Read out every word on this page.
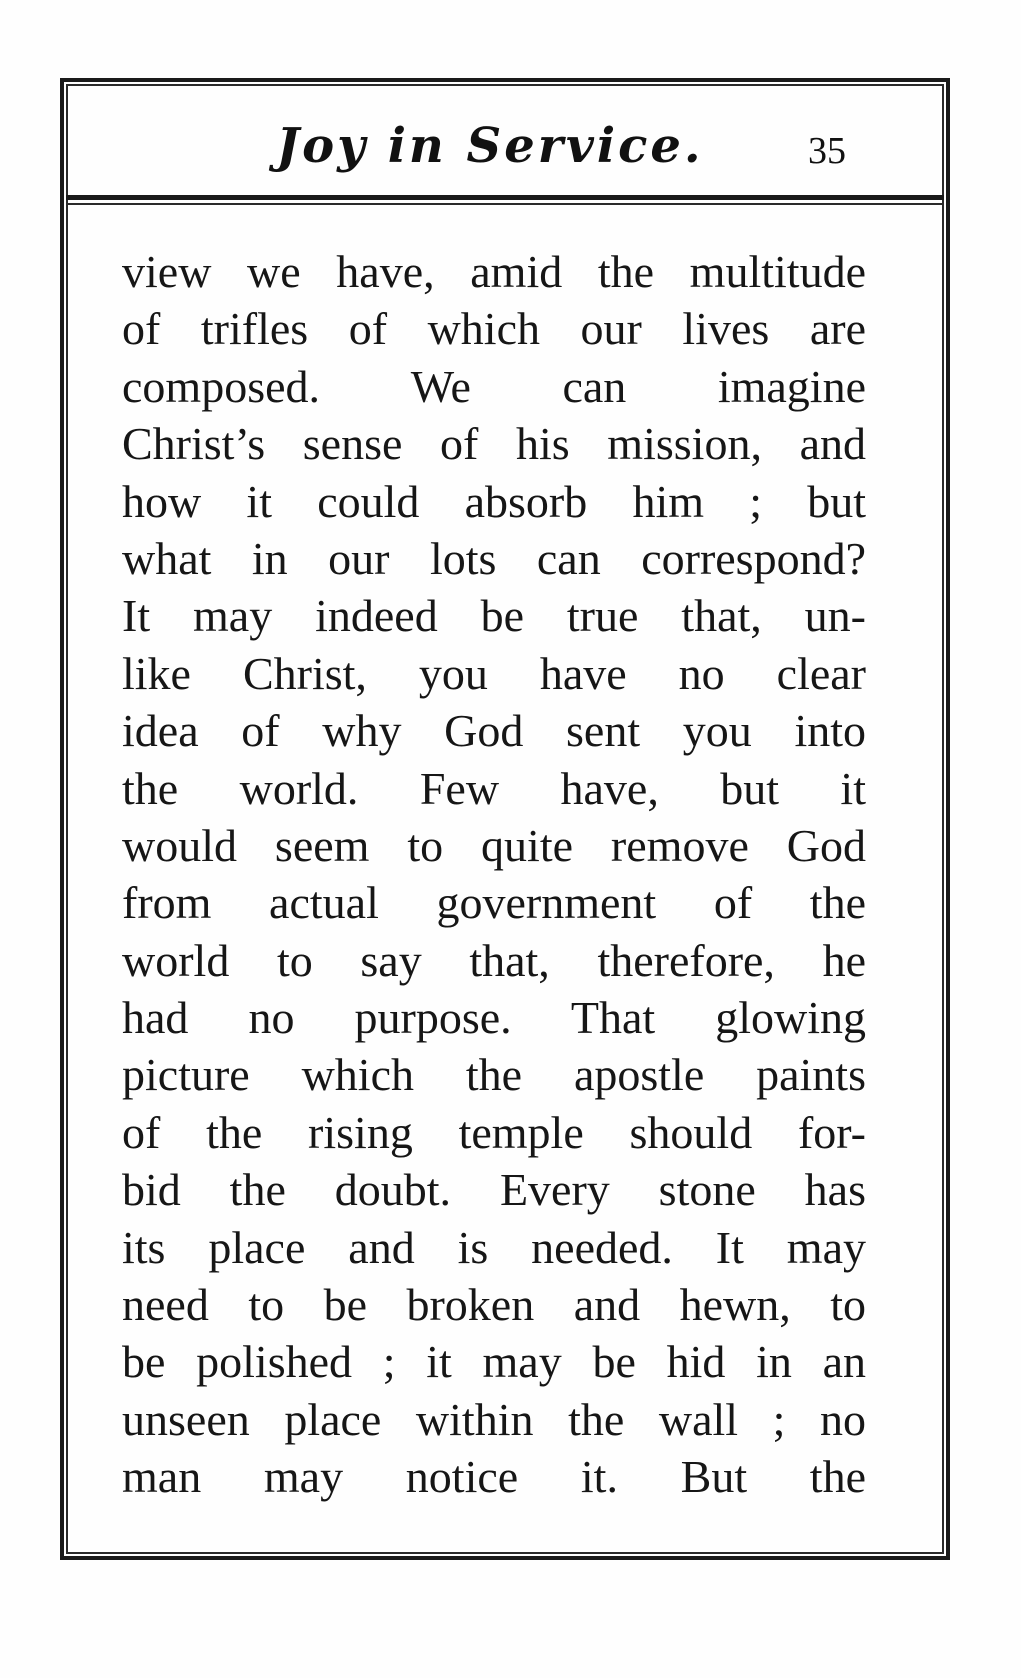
Joy in Service.	35
view we have, amid the multitude
of trifles of which our lives are
composed. We can imagine
Christ’s sense of his mission, and
how it could absorb him ; but
what in our lots can correspond?
It may indeed be true that, un-
like Christ, you have no clear
idea of why God sent you into
the world. Few have, but it
would seem to quite remove God
from actual government of the
world to say that, therefore, he
had no purpose. That glowing
picture which the apostle paints
of the rising temple should for-
bid the doubt. Every stone has
its place and is needed. It may
need to be broken and hewn, to
be polished ; it may be hid in an
unseen place within the wall ; no
man may notice it. But the
